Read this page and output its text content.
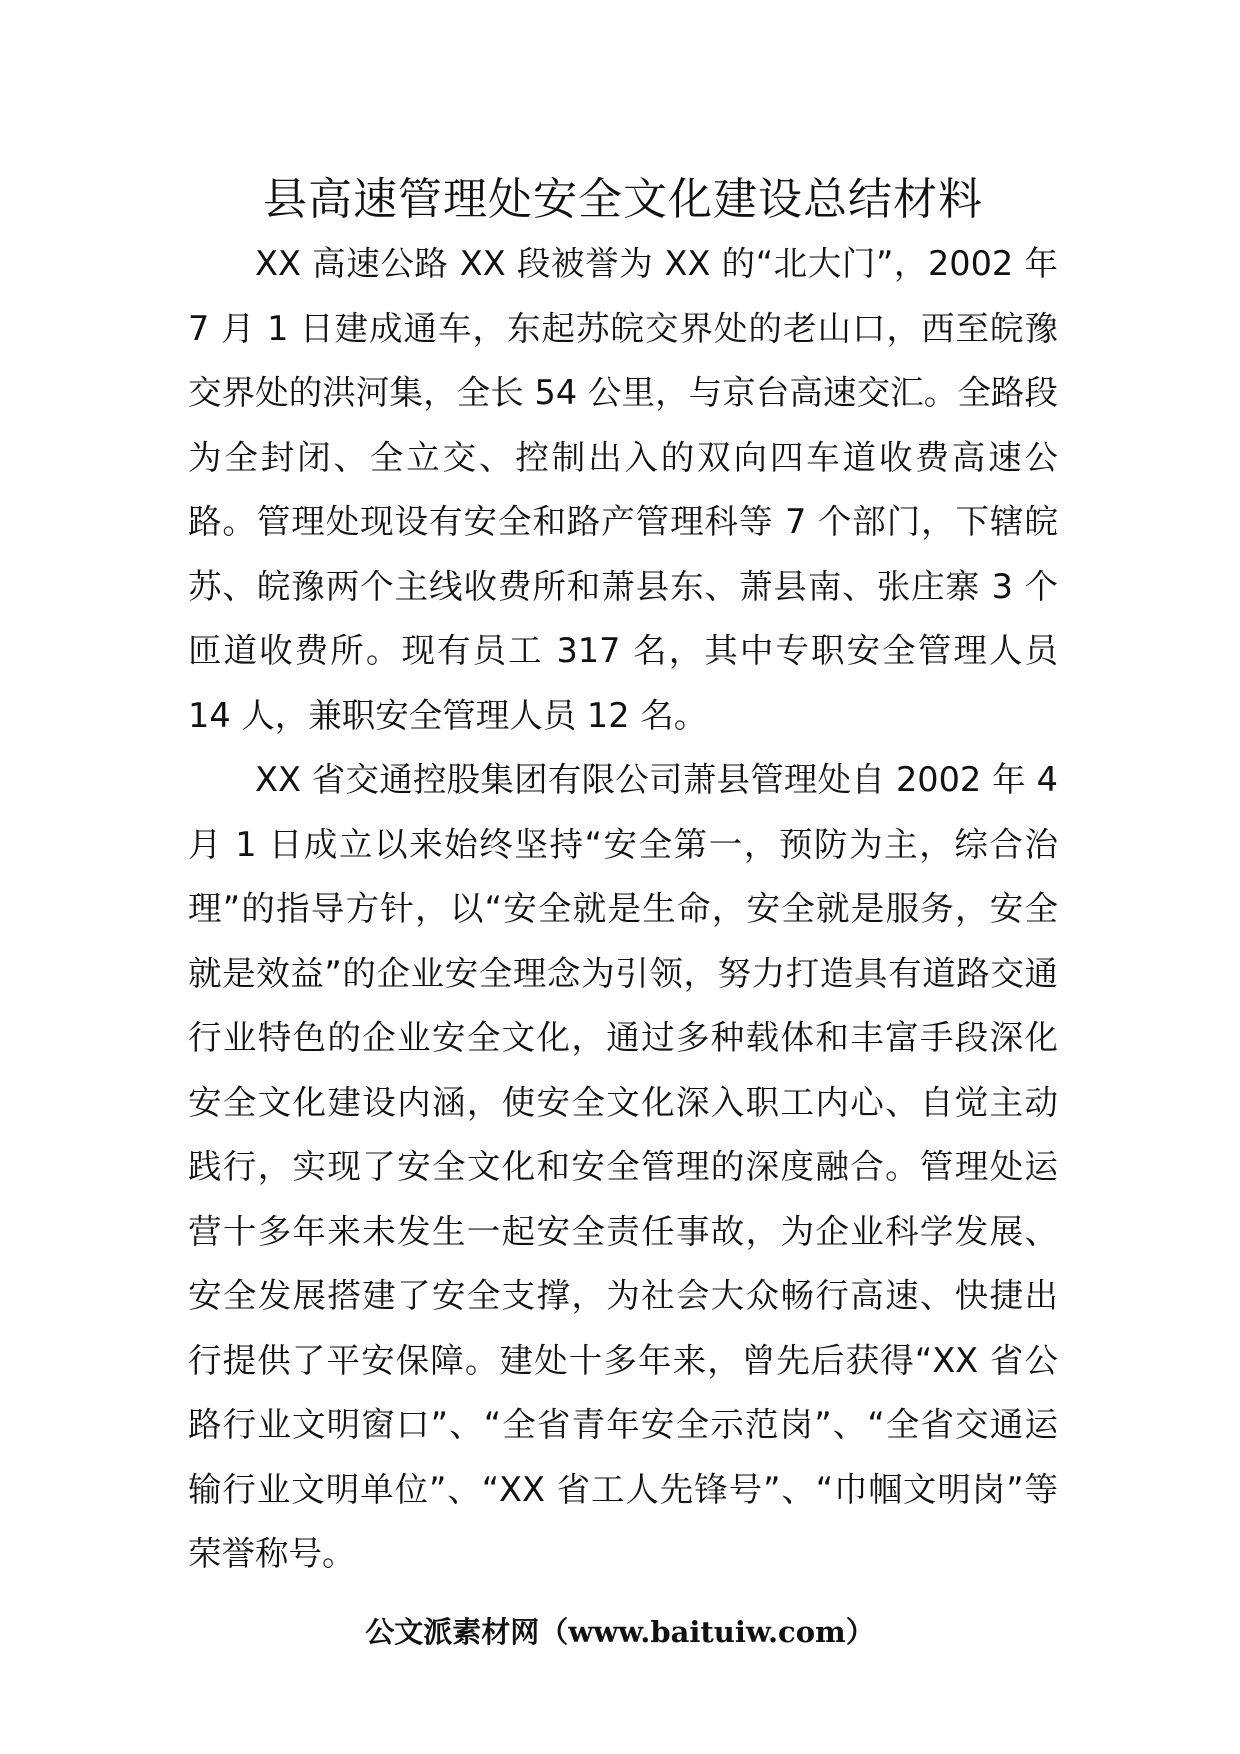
县高速管理处安全文化建设总结材料

XX 高速公路 XX 段被誉为 XX 的“北大门”，2002 年 7 月 1 日建成通车，东起苏皖交界处的老山口，西至皖豫交界处的洪河集，全长 54 公里，与京台高速交汇。全路段为全封闭、全立交、控制出入的双向四车道收费高速公路。管理处现设有安全和路产管理科等 7 个部门，下辖皖苏、皖豫两个主线收费所和萧县东、萧县南、张庄寨 3 个匝道收费所。现有员工 317 名，其中专职安全管理人员 14 人，兼职安全管理人员 12 名。

XX 省交通控股集团有限公司萧县管理处自 2002 年 4 月 1 日成立以来始终坚持“安全第一，预防为主，综合治理”的指导方针，以“安全就是生命，安全就是服务，安全就是效益”的企业安全理念为引领，努力打造具有道路交通行业特色的企业安全文化，通过多种载体和丰富手段深化安全文化建设内涵，使安全文化深入职工内心、自觉主动践行，实现了安全文化和安全管理的深度融合。管理处运营十多年来未发生一起安全责任事故，为企业科学发展、安全发展搭建了安全支撑，为社会大众畅行高速、快捷出行提供了平安保障。建处十多年来，曾先后获得“XX 省公路行业文明窗口”、“全省青年安全示范岗”、“全省交通运输行业文明单位”、“XX 省工人先锋号”、“巾帼文明岗”等荣誉称号。

公文派素材网（www.baituiw.com）
